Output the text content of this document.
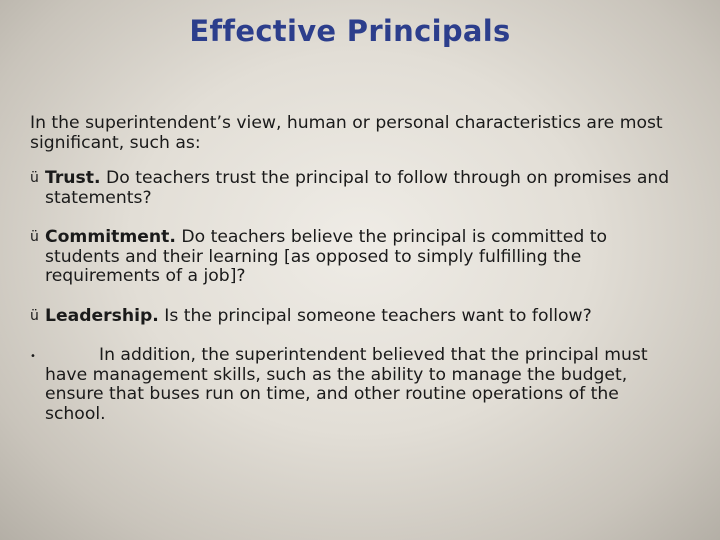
Effective Principals
In the superintendent’s view, human or personal characteristics are most significant, such as:
ü Trust. Do teachers trust the principal to follow through on promises and statements?
ü Commitment. Do teachers believe the principal is committed to students and their learning [as opposed to simply fulfilling the requirements of a job]?
ü Leadership. Is the principal someone teachers want to follow?
•	In addition, the superintendent believed that the principal must have management skills, such as the ability to manage the budget, ensure that buses run on time, and other routine operations of the school.
